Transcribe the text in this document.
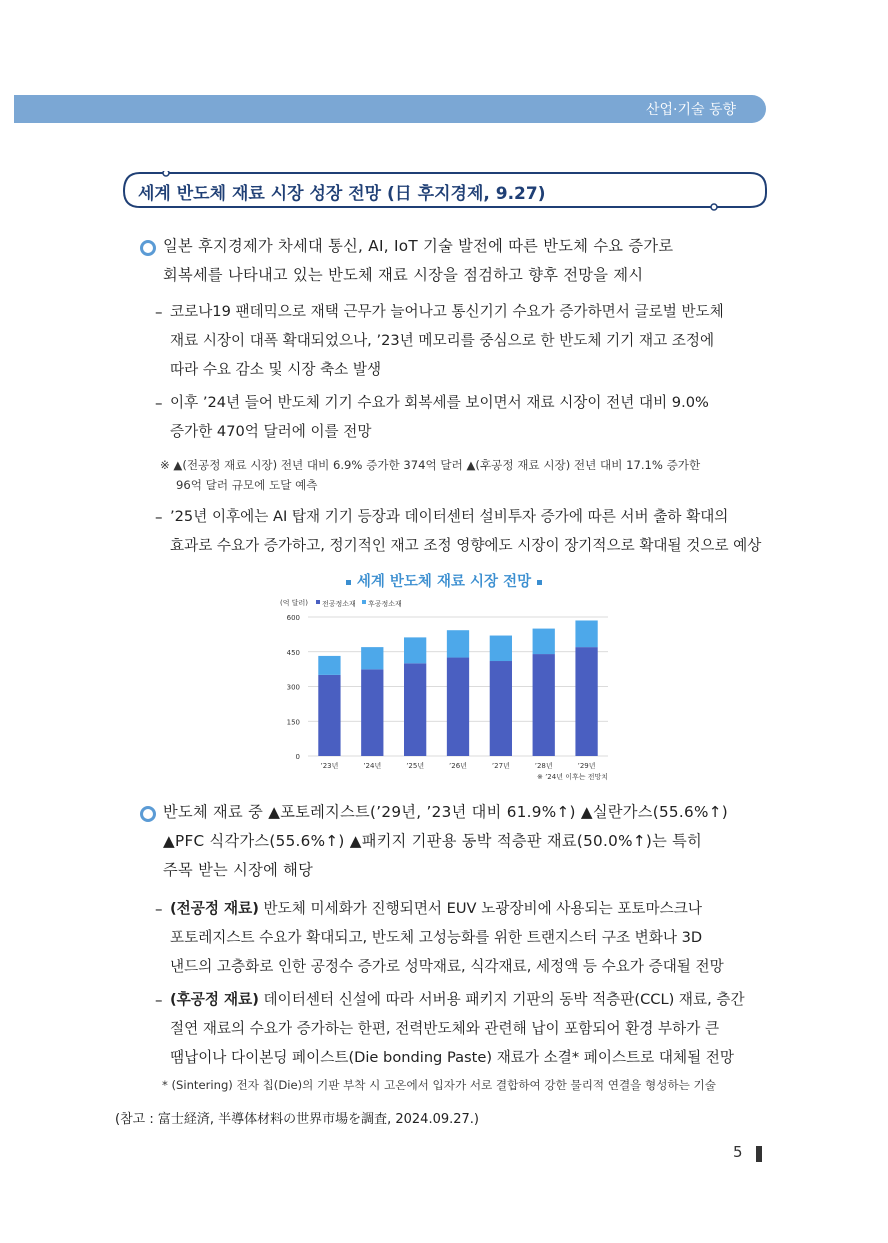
산업·기술 동향
세계 반도체 재료 시장 성장 전망 (日 후지경제, 9.27)
일본 후지경제가 차세대 통신, AI, IoT 기술 발전에 따른 반도체 수요 증가로
회복세를 나타내고 있는 반도체 재료 시장을 점검하고 향후 전망을 제시
– 코로나19 팬데믹으로 재택 근무가 늘어나고 통신기기 수요가 증가하면서 글로벌 반도체
재료 시장이 대폭 확대되었으나, ’23년 메모리를 중심으로 한 반도체 기기 재고 조정에
따라 수요 감소 및 시장 축소 발생
– 이후 ’24년 들어 반도체 기기 수요가 회복세를 보이면서 재료 시장이 전년 대비 9.0%
증가한 470억 달러에 이를 전망
※ ▲(전공정 재료 시장) 전년 대비 6.9% 증가한 374억 달러 ▲(후공정 재료 시장) 전년 대비 17.1% 증가한
96억 달러 규모에 도달 예측
– ’25년 이후에는 AI 탑재 기기 등장과 데이터센터 설비투자 증가에 따른 서버 출하 확대의
효과로 수요가 증가하고, 정기적인 재고 조정 영향에도 시장이 장기적으로 확대될 것으로 예상
세계 반도체 재료 시장 전망
(억 달러) 전공정소재 후공정소재
0
150
300
450
600
’23년	’24년	’25년	’26년	’27년	’28년	’29년
※ ’24년 이후는 전망치
반도체 재료 중 ▲포토레지스트(’29년, ’23년 대비 61.9%↑) ▲실란가스(55.6%↑)
▲PFC 식각가스(55.6%↑) ▲패키지 기판용 동박 적층판 재료(50.0%↑)는 특히
주목 받는 시장에 해당
– (전공정 재료) 반도체 미세화가 진행되면서 EUV 노광장비에 사용되는 포토마스크나
포토레지스트 수요가 확대되고, 반도체 고성능화를 위한 트랜지스터 구조 변화나 3D
낸드의 고층화로 인한 공정수 증가로 성막재료, 식각재료, 세정액 등 수요가 증대될 전망
– (후공정 재료) 데이터센터 신설에 따라 서버용 패키지 기판의 동박 적층판(CCL) 재료, 층간
절연 재료의 수요가 증가하는 한편, 전력반도체와 관련해 납이 포함되어 환경 부하가 큰
땜납이나 다이본딩 페이스트(Die bonding Paste) 재료가 소결* 페이스트로 대체될 전망
* (Sintering) 전자 칩(Die)의 기판 부착 시 고온에서 입자가 서로 결합하여 강한 물리적 연결을 형성하는 기술
(참고 : 富士経済, 半導体材料の世界市場を調査, 2024.09.27.)
5
